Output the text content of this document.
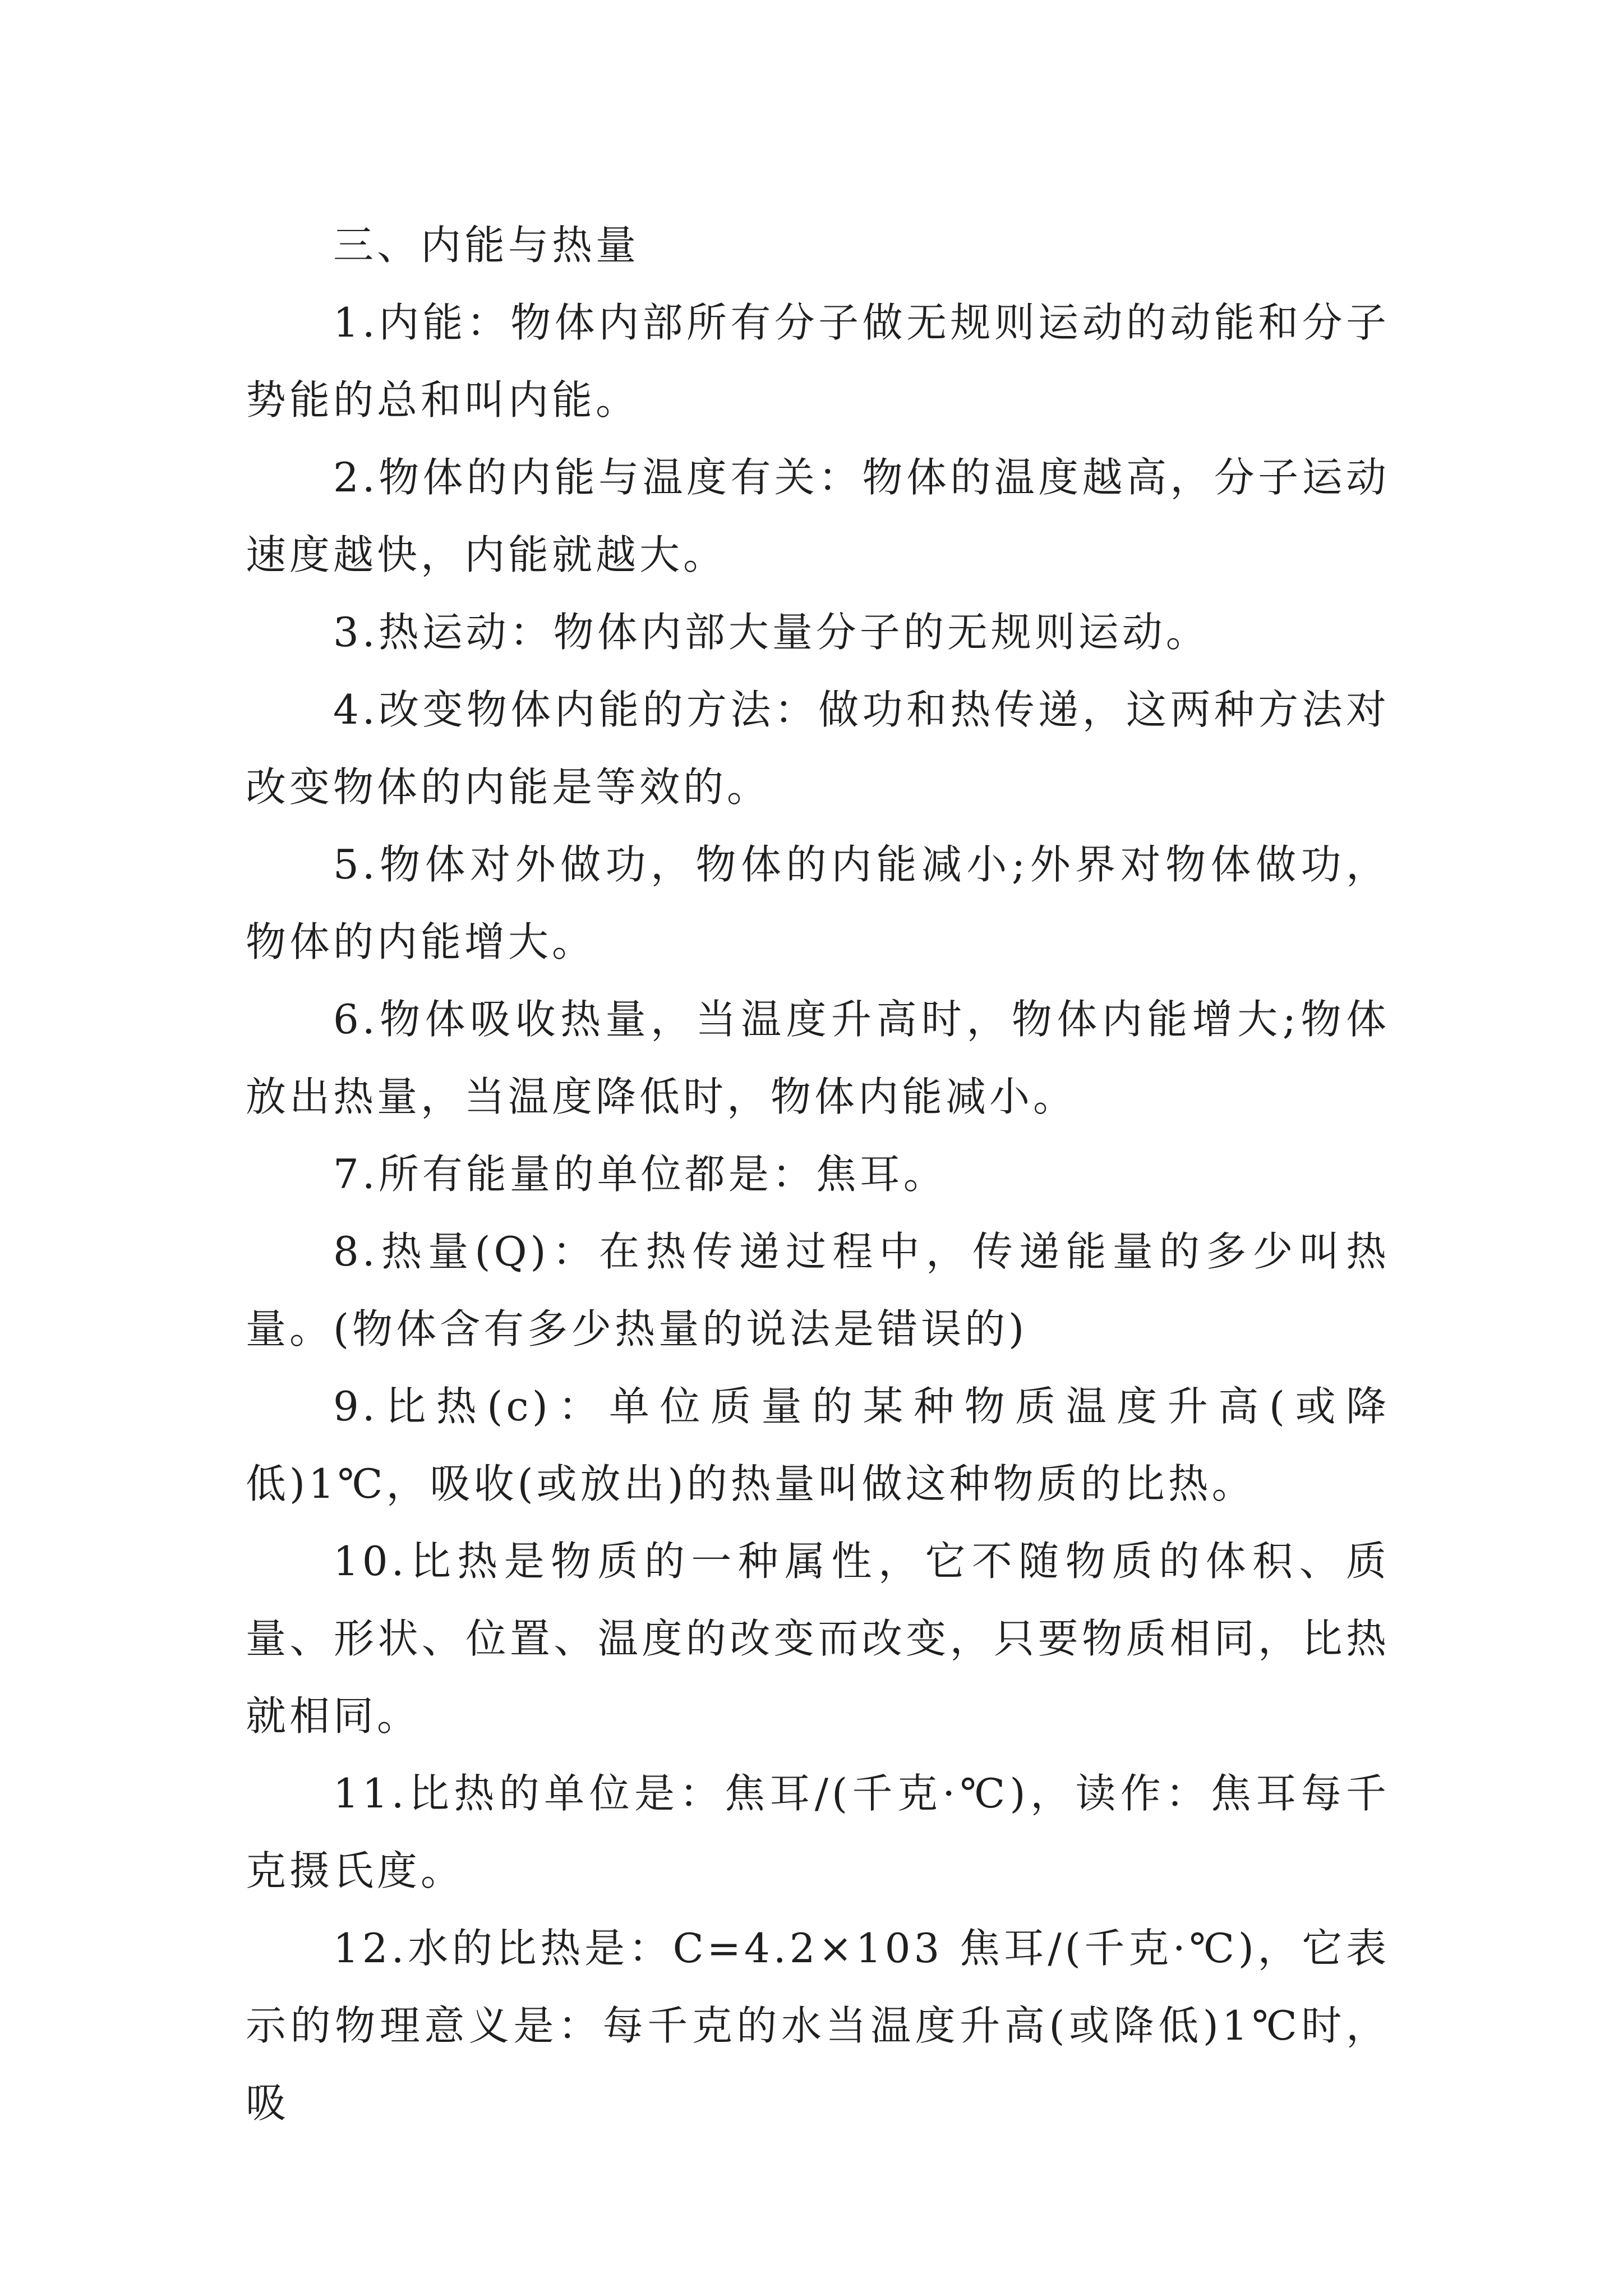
三、内能与热量

1.内能：物体内部所有分子做无规则运动的动能和分子势能的总和叫内能。

2.物体的内能与温度有关：物体的温度越高，分子运动速度越快，内能就越大。

3.热运动：物体内部大量分子的无规则运动。

4.改变物体内能的方法：做功和热传递，这两种方法对改变物体的内能是等效的。

5.物体对外做功，物体的内能减小;外界对物体做功，物体的内能增大。

6.物体吸收热量，当温度升高时，物体内能增大;物体放出热量，当温度降低时，物体内能减小。

7.所有能量的单位都是：焦耳。

8.热量(Q)：在热传递过程中，传递能量的多少叫热量。(物体含有多少热量的说法是错误的)

9.比热(c)：单位质量的某种物质温度升高(或降低)1℃，吸收(或放出)的热量叫做这种物质的比热。

10.比热是物质的一种属性，它不随物质的体积、质量、形状、位置、温度的改变而改变，只要物质相同，比热就相同。

11.比热的单位是：焦耳/(千克·℃)，读作：焦耳每千克摄氏度。

12.水的比热是：C=4.2×103 焦耳/(千克·℃)，它表示的物理意义是：每千克的水当温度升高(或降低)1℃时，吸
